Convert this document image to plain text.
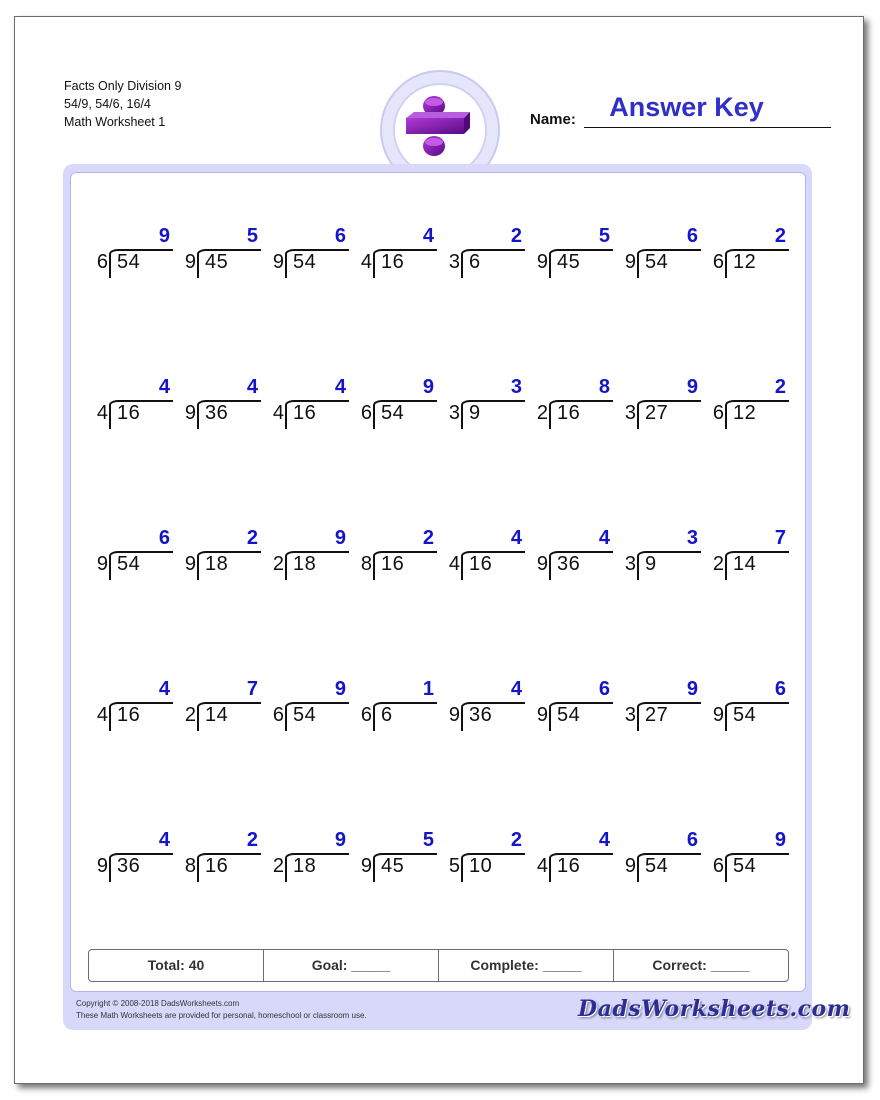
Facts Only Division 9
54/9, 54/6, 16/4
Math Worksheet 1	Name:	Answer Key
9
6 54
5
9 45
6
9 54
4
4 16
2
3 6
5
9 45
6
9 54
2
6 12
4
4 16
4
9 36
4
4 16
9
6 54
3
3 9
8
2 16
9
3 27
2
6 12
6
9 54
2
9 18
9
2 18
2
8 16
4
4 16
4
9 36
3
3 9
7
2 14
4
4 16
7
2 14
9
6 54
1
6 6
4
9 36
6
9 54
9
3 27
6
9 54
4
9 36
2
8 16
9
2 18
5
9 45
2
5 10
4
4 16
6
9 54
9
6 54
Total: 40	Goal: _____	Complete: _____	Correct: _____
Copyright © 2008-2018 DadsWorksheets.com
These Math Worksheets are provided for personal, homeschool or classroom use.	DadsWorksheets.com
